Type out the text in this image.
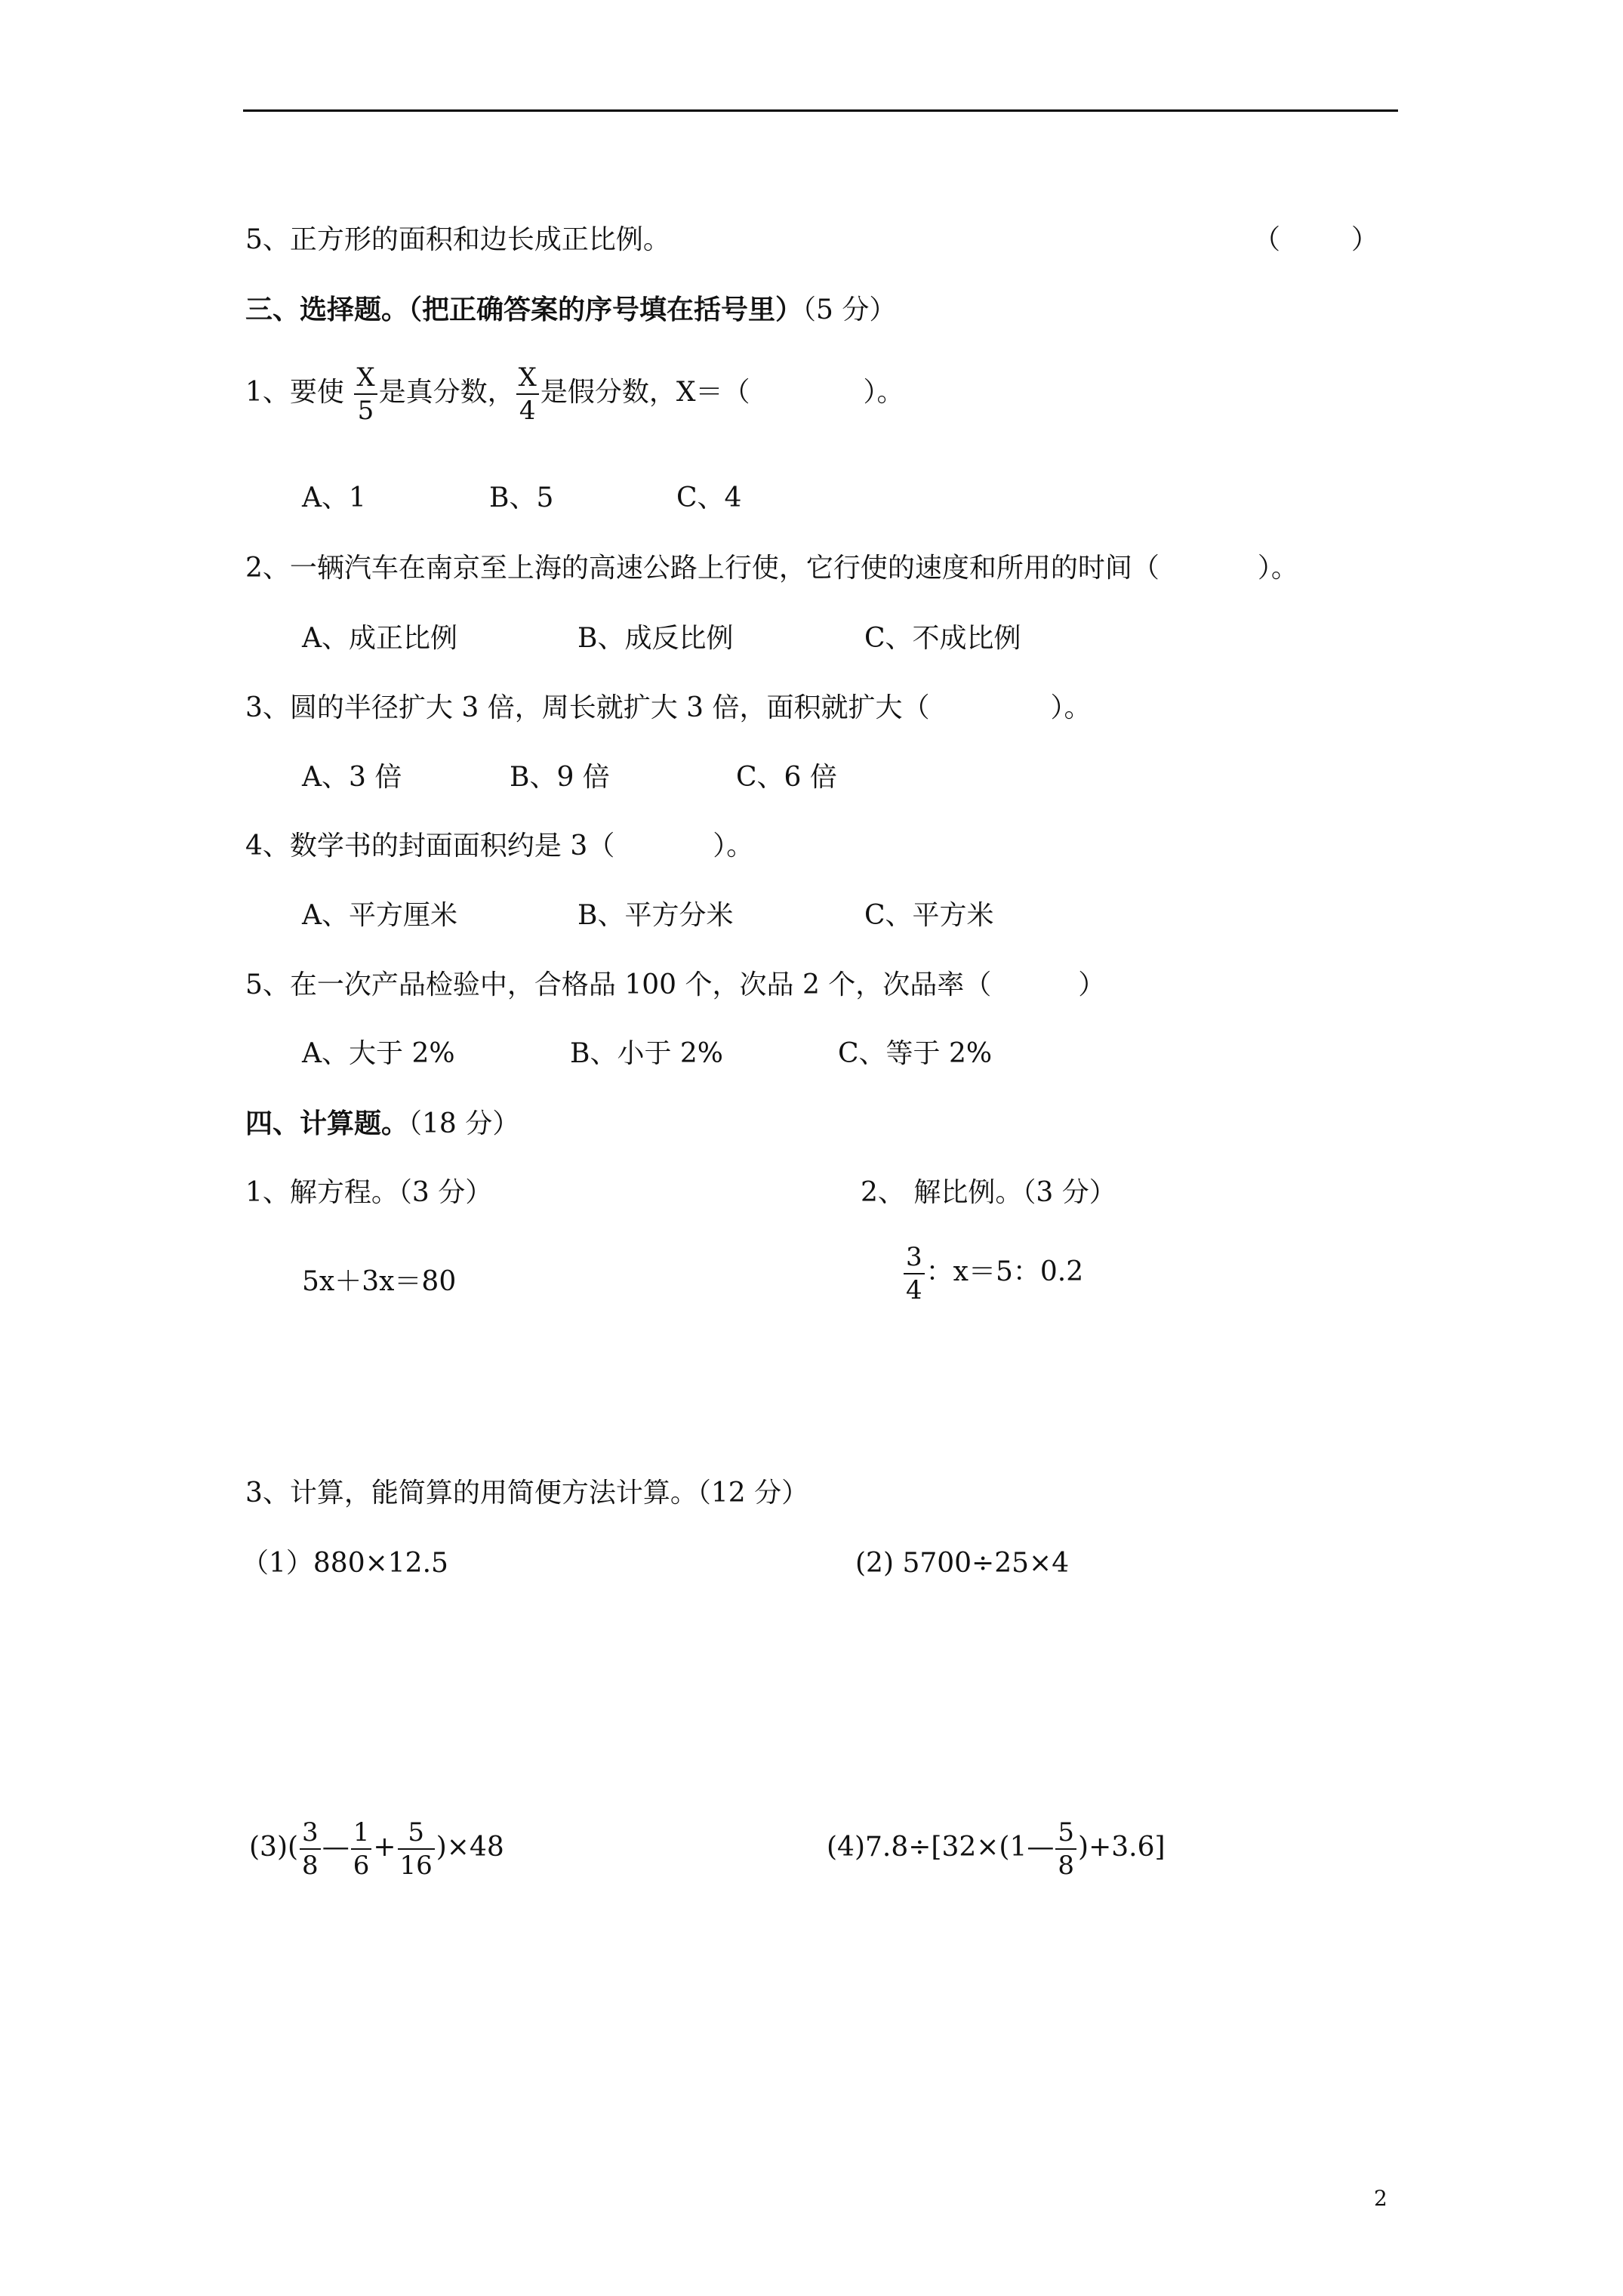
5、正方形的面积和边长成正比例。	（	）
三、选择题。（把正确答案的序号填在括号里）（5 分）
1、要使 $\frac{X}{5}$ 是真分数， $\frac{X}{4}$ 是假分数，X＝（	）。
A、1	B、5	C、4
2、一辆汽车在南京至上海的高速公路上行使，它行使的速度和所用的时间（	）。
A、成正比例	B、成反比例	C、不成比例
3、圆的半径扩大 3 倍，周长就扩大 3 倍，面积就扩大（	）。
A、3 倍	B、9 倍	C、6 倍
4、数学书的封面面积约是 3（	）。
A、平方厘米	B、平方分米	C、平方米
5、在一次产品检验中，合格品 100 个，次品 2 个，次品率（	）
A、大于 2%	B、小于 2%	C、等于 2%
四、计算题。（18 分）
1、解方程。（3 分）	2、 解比例。（3 分）
5x＋3x＝80	$\frac{3}{4}$ ：x＝5：0.2
3、计算，能简算的用简便方法计算。（12 分）
（1）880×12.5	(2) 5700÷25×4
$(3)( \frac{3}{8}$ — $\frac{1}{6} + \frac{5}{16} )\times 48$	(4)7.8÷[32×(1— $\frac{5}{8} )+3.6$]
2
